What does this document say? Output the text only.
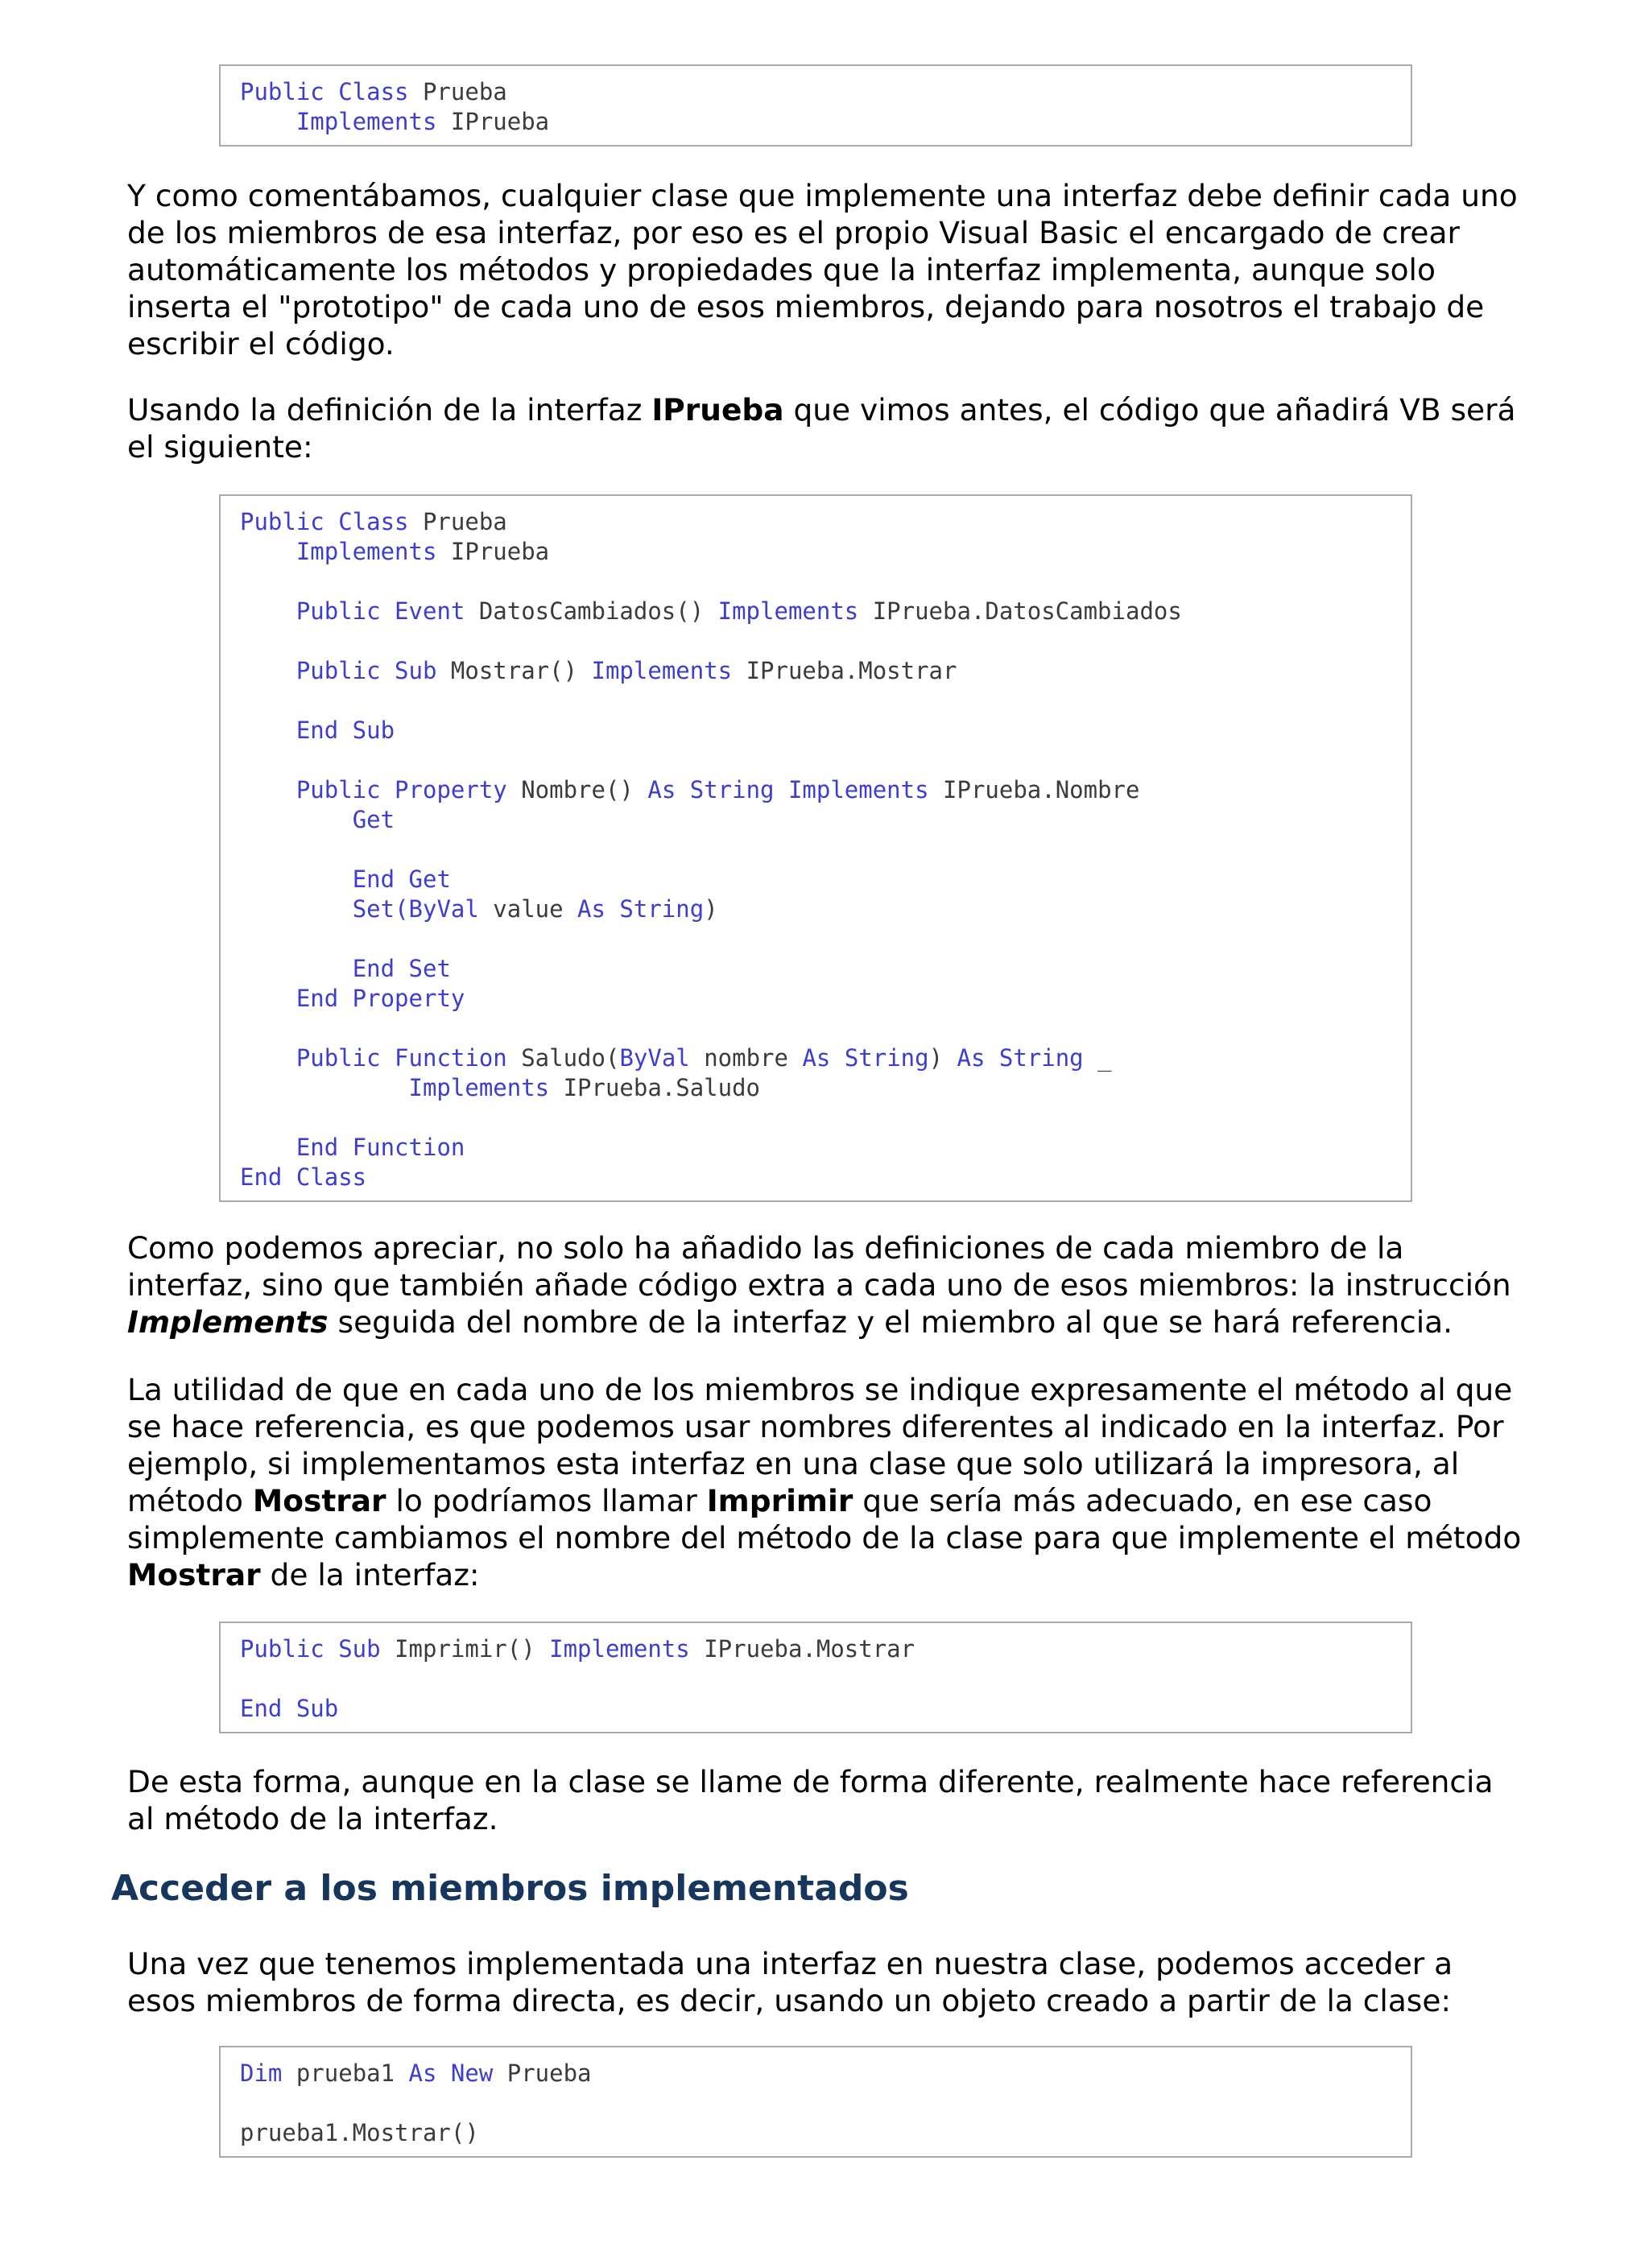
Public Class Prueba
Implements IPrueba

Y como comentábamos, cualquier clase que implemente una interfaz debe definir cada uno de los miembros de esa interfaz, por eso es el propio Visual Basic el encargado de crear automáticamente los métodos y propiedades que la interfaz implementa, aunque solo inserta el "prototipo" de cada uno de esos miembros, dejando para nosotros el trabajo de escribir el código.

Usando la definición de la interfaz IPrueba que vimos antes, el código que añadirá VB será el siguiente:

Public Class Prueba
Implements IPrueba
Public Event DatosCambiados() Implements IPrueba.DatosCambiados
Public Sub Mostrar() Implements IPrueba.Mostrar
End Sub
Public Property Nombre() As String Implements IPrueba.Nombre
Get
End Get
Set(ByVal value As String)
End Set
End Property
Public Function Saludo(ByVal nombre As String) As String _
Implements IPrueba.Saludo
End Function
End Class

Como podemos apreciar, no solo ha añadido las definiciones de cada miembro de la interfaz, sino que también añade código extra a cada uno de esos miembros: la instrucción Implements seguida del nombre de la interfaz y el miembro al que se hará referencia.

La utilidad de que en cada uno de los miembros se indique expresamente el método al que se hace referencia, es que podemos usar nombres diferentes al indicado en la interfaz. Por ejemplo, si implementamos esta interfaz en una clase que solo utilizará la impresora, al método Mostrar lo podríamos llamar Imprimir que sería más adecuado, en ese caso simplemente cambiamos el nombre del método de la clase para que implemente el método Mostrar de la interfaz:

Public Sub Imprimir() Implements IPrueba.Mostrar
End Sub

De esta forma, aunque en la clase se llame de forma diferente, realmente hace referencia al método de la interfaz.

Acceder a los miembros implementados

Una vez que tenemos implementada una interfaz en nuestra clase, podemos acceder a esos miembros de forma directa, es decir, usando un objeto creado a partir de la clase:

Dim prueba1 As New Prueba
prueba1.Mostrar()
